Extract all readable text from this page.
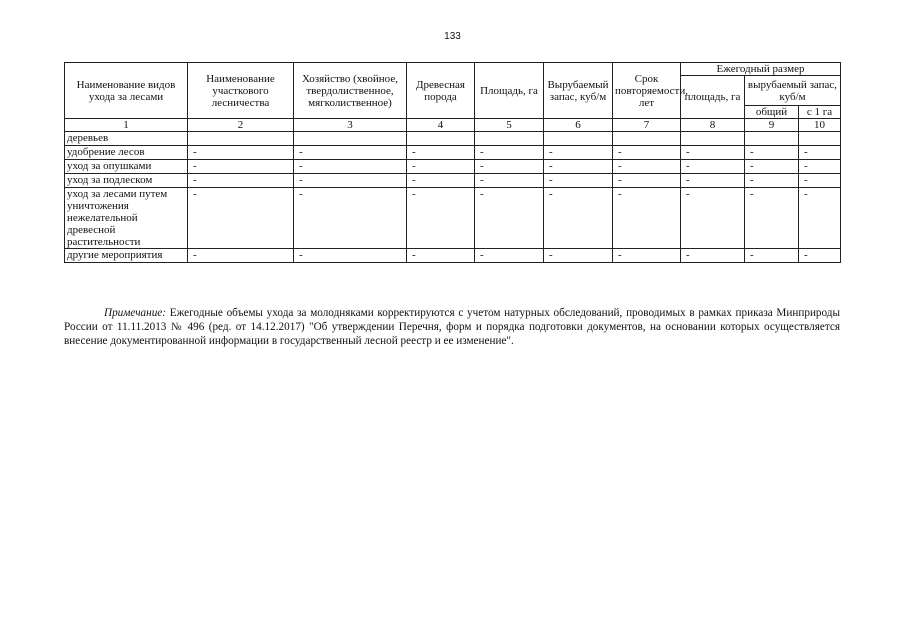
133
Наименование видов ухода за лесами	Наименование участкового лесничества	Хозяйство (хвойное, твердолиственное, мягколиственное)	Древесная порода	Площадь, га	Вырубаемый запас, куб/м	Срок повторяемости, лет	Ежегодный размер		
							площадь, га	вырубаемый запас, куб/м	
								общий	с 1 га
1	2	3	4	5	6	7	8	9	10
деревьев									
удобрение лесов	-	-	-	-	-	-	-	-	-
уход за опушками	-	-	-	-	-	-	-	-	-
уход за подлеском	-	-	-	-	-	-	-	-	-
уход за лесами путем уничтожения нежелательной древесной растительности	-	-	-	-	-	-	-	-	-
другие мероприятия	-	-	-	-	-	-	-	-	-
Примечание: Ежегодные объемы ухода за молодняками корректируются с учетом натурных обследований, проводимых в рамках приказа Минприроды России от 11.11.2013 № 496 (ред. от 14.12.2017) "Об утверждении Перечня, форм и порядка подготовки документов, на основании которых осуществляется внесение документированной информации в государственный лесной реестр и ее изменение".
